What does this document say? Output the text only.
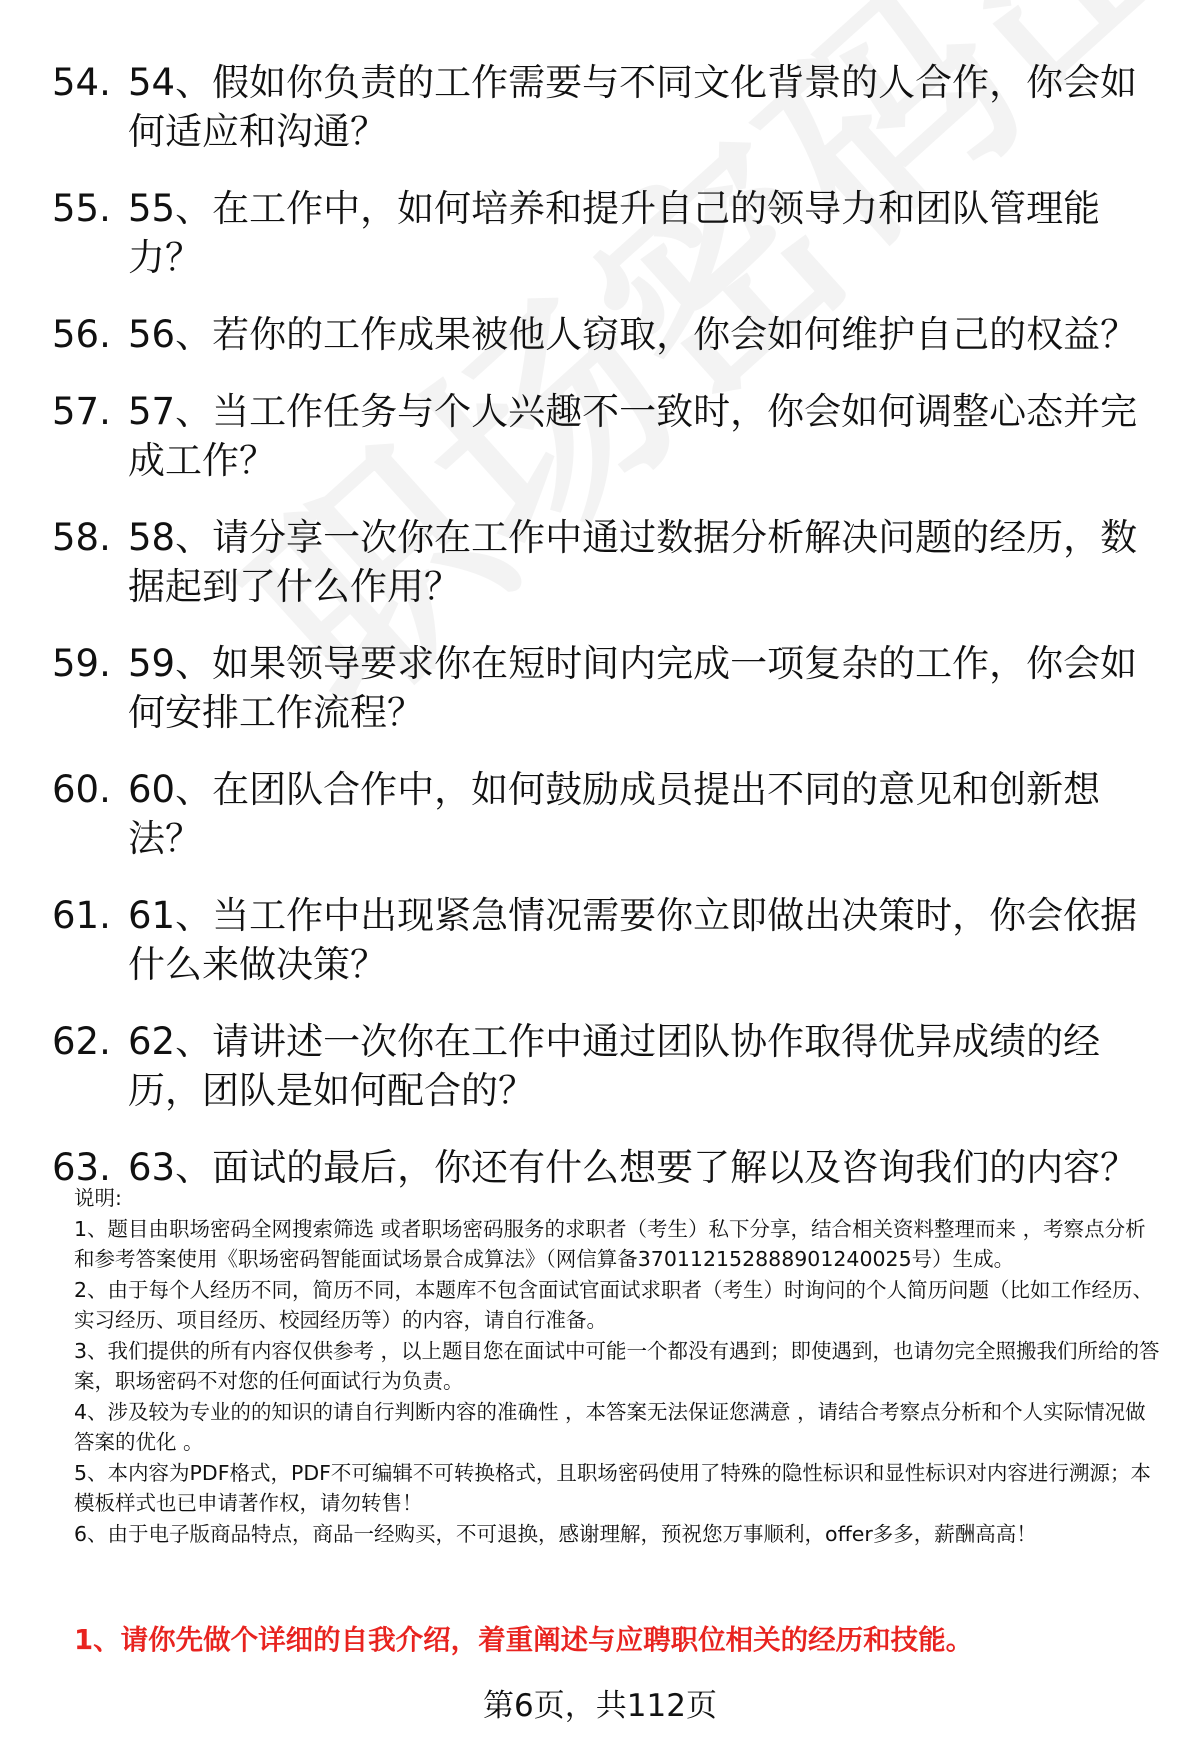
54. 54、假如你负责的工作需要与不同文化背景的人合作，你会如何适应和沟通？
55. 55、在工作中，如何培养和提升自己的领导力和团队管理能力？
56. 56、若你的工作成果被他人窃取，你会如何维护自己的权益？
57. 57、当工作任务与个人兴趣不一致时，你会如何调整心态并完成工作？
58. 58、请分享一次你在工作中通过数据分析解决问题的经历，数据起到了什么作用？
59. 59、如果领导要求你在短时间内完成一项复杂的工作，你会如何安排工作流程？
60. 60、在团队合作中，如何鼓励成员提出不同的意见和创新想法？
61. 61、当工作中出现紧急情况需要你立即做出决策时，你会依据什么来做决策？
62. 62、请讲述一次你在工作中通过团队协作取得优异成绩的经历，团队是如何配合的？
63. 63、面试的最后，你还有什么想要了解以及咨询我们的内容？

说明:

1、题目由职场密码全网搜索筛选 或者职场密码服务的求职者（考生）私下分享，结合相关资料整理而来 ，考察点分析和参考答案使用《职场密码智能面试场景合成算法》（网信算备370112152888901240025号）生成。

2、由于每个人经历不同，简历不同，本题库不包含面试官面试求职者（考生）时询问的个人简历问题（比如工作经历、实习经历、项目经历、校园经历等）的内容，请自行准备。

3、我们提供的所有内容仅供参考 ，以上题目您在面试中可能一个都没有遇到；即使遇到，也请勿完全照搬我们所给的答案，职场密码不对您的任何面试行为负责。

4、涉及较为专业的的知识的请自行判断内容的准确性 ，本答案无法保证您满意 ，请结合考察点分析和个人实际情况做答案的优化 。

5、本内容为PDF格式，PDF不可编辑不可转换格式，且职场密码使用了特殊的隐性标识和显性标识对内容进行溯源；本模板样式也已申请著作权，请勿转售！

6、由于电子版商品特点，商品一经购买，不可退换，感谢理解，预祝您万事顺利，offer多多，薪酬高高！

1、请你先做个详细的自我介绍，着重阐述与应聘职位相关的经历和技能。
第6页，共112页
